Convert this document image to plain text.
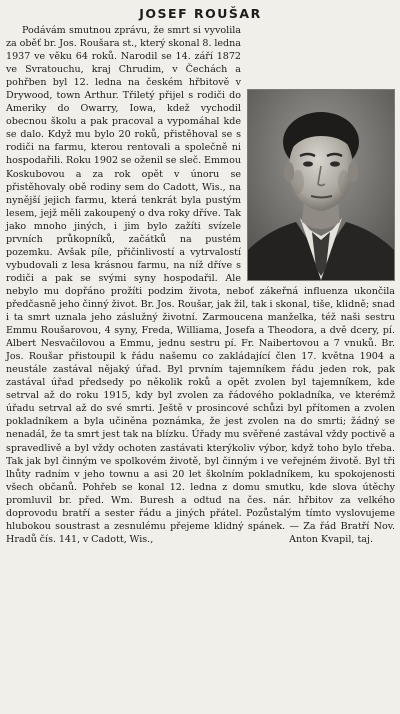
JOSEF ROUŠAR

Podávám smutnou zprávu, že smrt si vyvolila za oběť br. Jos. Roušara st., který skonal 8. ledna 1937 ve věku 64 roků. Narodil se 14. září 1872 ve Svratouchu, kraj Chrudim, v Čechách a pohřben byl 12. ledna na českém hřbitově v Drywood, town Arthur. Třiletý přijel s rodiči do Ameriky do Owarry, Iowa, kdež vychodil obecnou školu a pak pracoval a vypomáhal kde se dalo. Když mu bylo 20 roků, přistěhoval se s rodiči na farmu, kterou rentovali a společně ni hospodařili. Roku 1902 se oženil se sleč. Emmou Koskubovou a za rok opět v únoru se přistěhovaly obě rodiny sem do Cadott, Wis., na nynější jejich farmu, která tenkrát byla pustým lesem, jejž měli zakoupený o dva roky dříve. Tak jako mnoho jiných, i jim bylo zažíti svízele prvních průkopníků, začátků na pustém pozemku. Avšak píle, přičinlivostí a vytrvalostí vybudovali z lesa krásnou farmu, na níž dříve s rodiči a pak se svými syny hospodařil. Ale nebylo mu dopřáno prožíti podzim života, neboť zákeřná influenza ukončila předčasně jeho činný život. Br. Jos. Roušar, jak žil, tak i skonal, tiše, klidně; snad i ta smrt uznala jeho záslužný životní. Zarmoucena manželka, též naši sestru Emmu Roušarovou, 4 syny, Freda, Williama, Josefa a Theodora, a dvě dcery, pí. Albert Nesvačilovou a Emmu, jednu sestru pí. Fr. Naibertovou a 7 vnuků. Br. Jos. Roušar přistoupil k řádu našemu co zakládající člen 17. května 1904 a neustále zastával nějaký úřad. Byl prvním tajemníkem řádu jeden rok, pak zastával úřad předsedy po několik roků a opět zvolen byl tajemníkem, kde setrval až do roku 1915, kdy byl zvolen za řádového pokladníka, ve kterémž úřadu setrval až do své smrti. Ještě v prosincové schůzi byl přítomen a zvolen pokladníkem a byla učiněna poznámka, že jest zvolen na do smrti; žádný se nenadál, že ta smrt jest tak na blízku. Úřady mu svěřené zastával vždy poctivě a spravedlivě a byl vždy ochoten zastávati kterýkoliv výbor, když toho bylo třeba. Tak jak byl činným ve spolkovém životě, byl činným i ve veřejném životě. Byl tři lhůty radním v jeho townu a asi 20 let školním pokladníkem, ku spokojenosti všech občanů. Pohřeb se konal 12. ledna z domu smutku, kde slova útěchy promluvil br. před. Wm. Buresh a odtud na čes. nár. hřbitov za velkého doprovodu bratří a sester řádu a jiných přátel. Pozůstalým tímto vyslovujeme hlubokou soustrast a zesnulému přejeme klidný spánek. — Za řád Bratří Nov. Hradů čís. 141, v Cadott, Wis.,	Anton Kvapil, taj.
